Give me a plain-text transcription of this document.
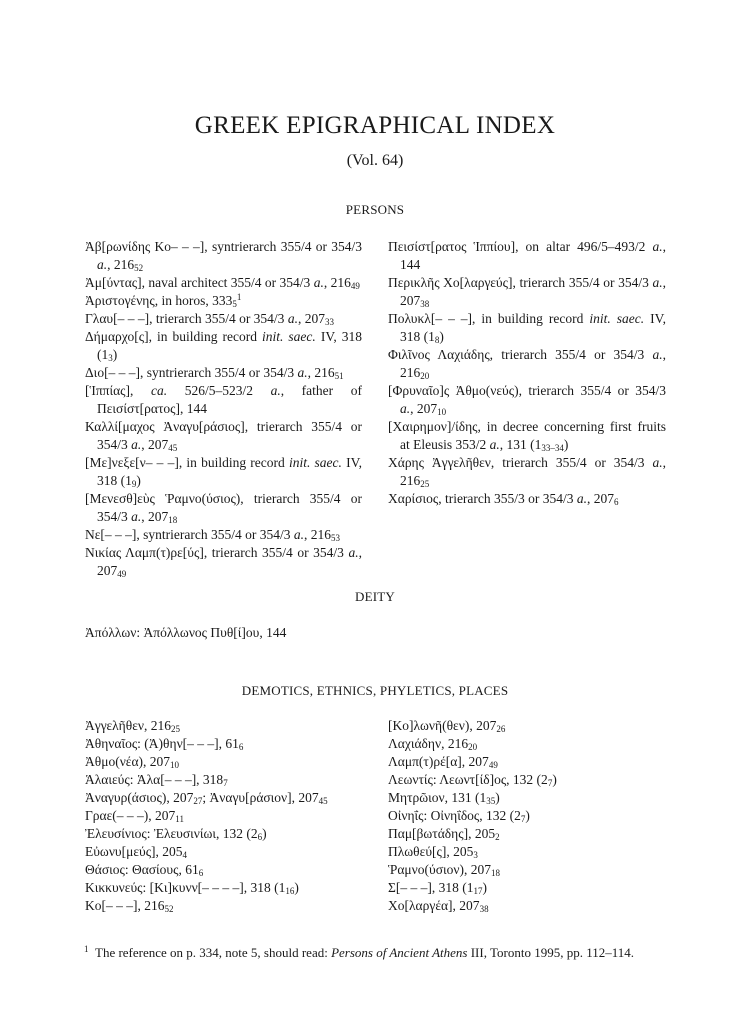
GREEK EPIGRAPHICAL INDEX
(Vol. 64)
PERSONS

Ἀβ[ρωνίδης Κο– – –], syntrierarch 355/4 or 354/3 a., $216_{52}$

Ἀμ[ύντας], naval architect 355/4 or 354/3 a., $216_{49}$

Ἀριστογένης, in horos, $333_5^1$

Γλαυ[– – –], trierarch 355/4 or 354/3 a., $207_{33}$

Δήμαρχο[ς], in building record init. saec. IV, 318 $(1_3)$

Διο[– – –], syntrierarch 355/4 or 354/3 a., $216_{51}$

[Ἱππίας], ca. 526/5–523/2 a., father of Πεισίστ[ρατος], 144

Καλλί[μαχος Ἀναγυ[ράσιος], trierarch 355/4 or 354/3 a., $207_{45}$

[Με]νεξε[ν– – –], in building record init. saec. IV, 318 $(1_9)$

[Μενεσθ]εὺς Ῥαμνο(ύσιος), trierarch 355/4 or 354/3 a., $207_{18}$

Νε[– – –], syntrierarch 355/4 or 354/3 a., $216_{53}$

Νικίας Λαμπ(τ)ρε[ύς], trierarch 355/4 or 354/3 a., $207_{49}$

Πεισίστ[ρατος Ἱππίου], on altar 496/5–493/2 a., 144

Περικλῆς Χο[λαργεύς], trierarch 355/4 or 354/3 a., $207_{38}$

Πολυκλ[– – –], in building record init. saec. IV, 318 $(1_8)$

Φιλῖνος Λαχιάδης, trierarch 355/4 or 354/3 a., $216_{20}$

[Φρυναῖο]ς Ἀθμο(νεύς), trierarch 355/4 or 354/3 a., $207_{10}$

[Χαιρημον]/ίδης, in decree concerning first fruits at Eleusis 353/2 a., 131 $(1_{33-34})$

Χάρης Ἀγγελῆθεν, trierarch 355/4 or 354/3 a., $216_{25}$

Χαρίσιος, trierarch 355/3 or 354/3 a., $207_6$

DEITY

Ἀπόλλων: Ἀπόλλωνος Πυθ[ί]ου, 144

DEMOTICS, ETHNICS, PHYLETICS, PLACES

Ἀγγελῆθεν, $216_{25}$

Ἀθηναῖος: (Ἀ)θην[– – –], $61_6$

Ἀθμο(νέα), $207_{10}$

Ἁλαιεύς: Ἁλα[– – –], $318_7$

Ἀναγυρ(άσιος), $207_{27}$; Ἀναγυ[ράσιον], $207_{45}$

Γραε(– – –), $207_{11}$

Ἐλευσίνιος: Ἐλευσινίωι, 132 $(2_6)$

Εὐωνυ[μεύς], $205_4$

Θάσιος: Θασίους, $61_6$

Κικκυνεύς: [Κι]κυνν[– – – –], 318 $(1_{16})$

Κο[– – –], $216_{52}$

[Κο]λωνῆ(θεν), $207_{26}$

Λαχιάδην, $216_{20}$

Λαμπ(τ)ρέ[α], $207_{49}$

Λεωντίς: Λεωντ[ίδ]ος, 132 $(2_7)$

Μητρῶιον, 131 $(1_{35})$

Οἰνηΐς: Οἰνηΐδος, 132 $(2_7)$

Παμ[βωτάδης], $205_2$

Πλωθεύ[ς], $205_3$

Ῥαμνο(ύσιον), $207_{18}$

Σ[– – –], 318 $(1_{17})$

Χο[λαργέα], $207_{38}$

$^1$ The reference on p. 334, note 5, should read: Persons of Ancient Athens III, Toronto 1995, pp. 112–114.
